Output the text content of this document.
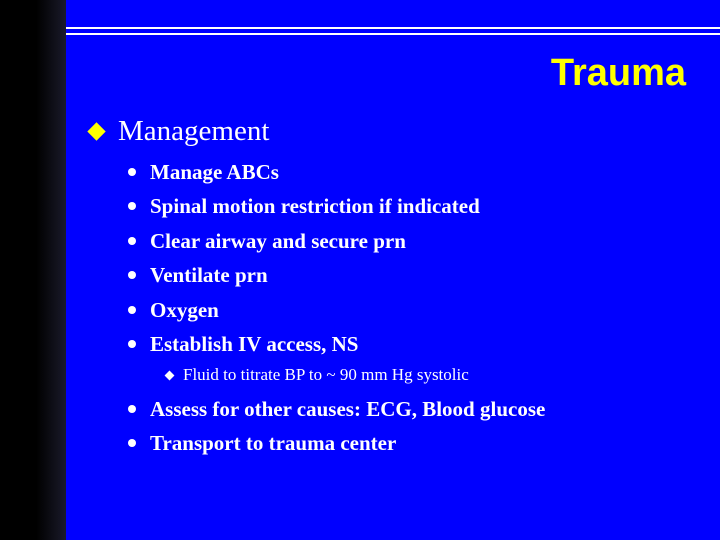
Trauma
Management
Manage ABCs
Spinal motion restriction if indicated
Clear airway and secure prn
Ventilate prn
Oxygen
Establish IV access, NS
Fluid to titrate BP to ~ 90 mm Hg systolic
Assess for other causes: ECG, Blood glucose
Transport to trauma center
